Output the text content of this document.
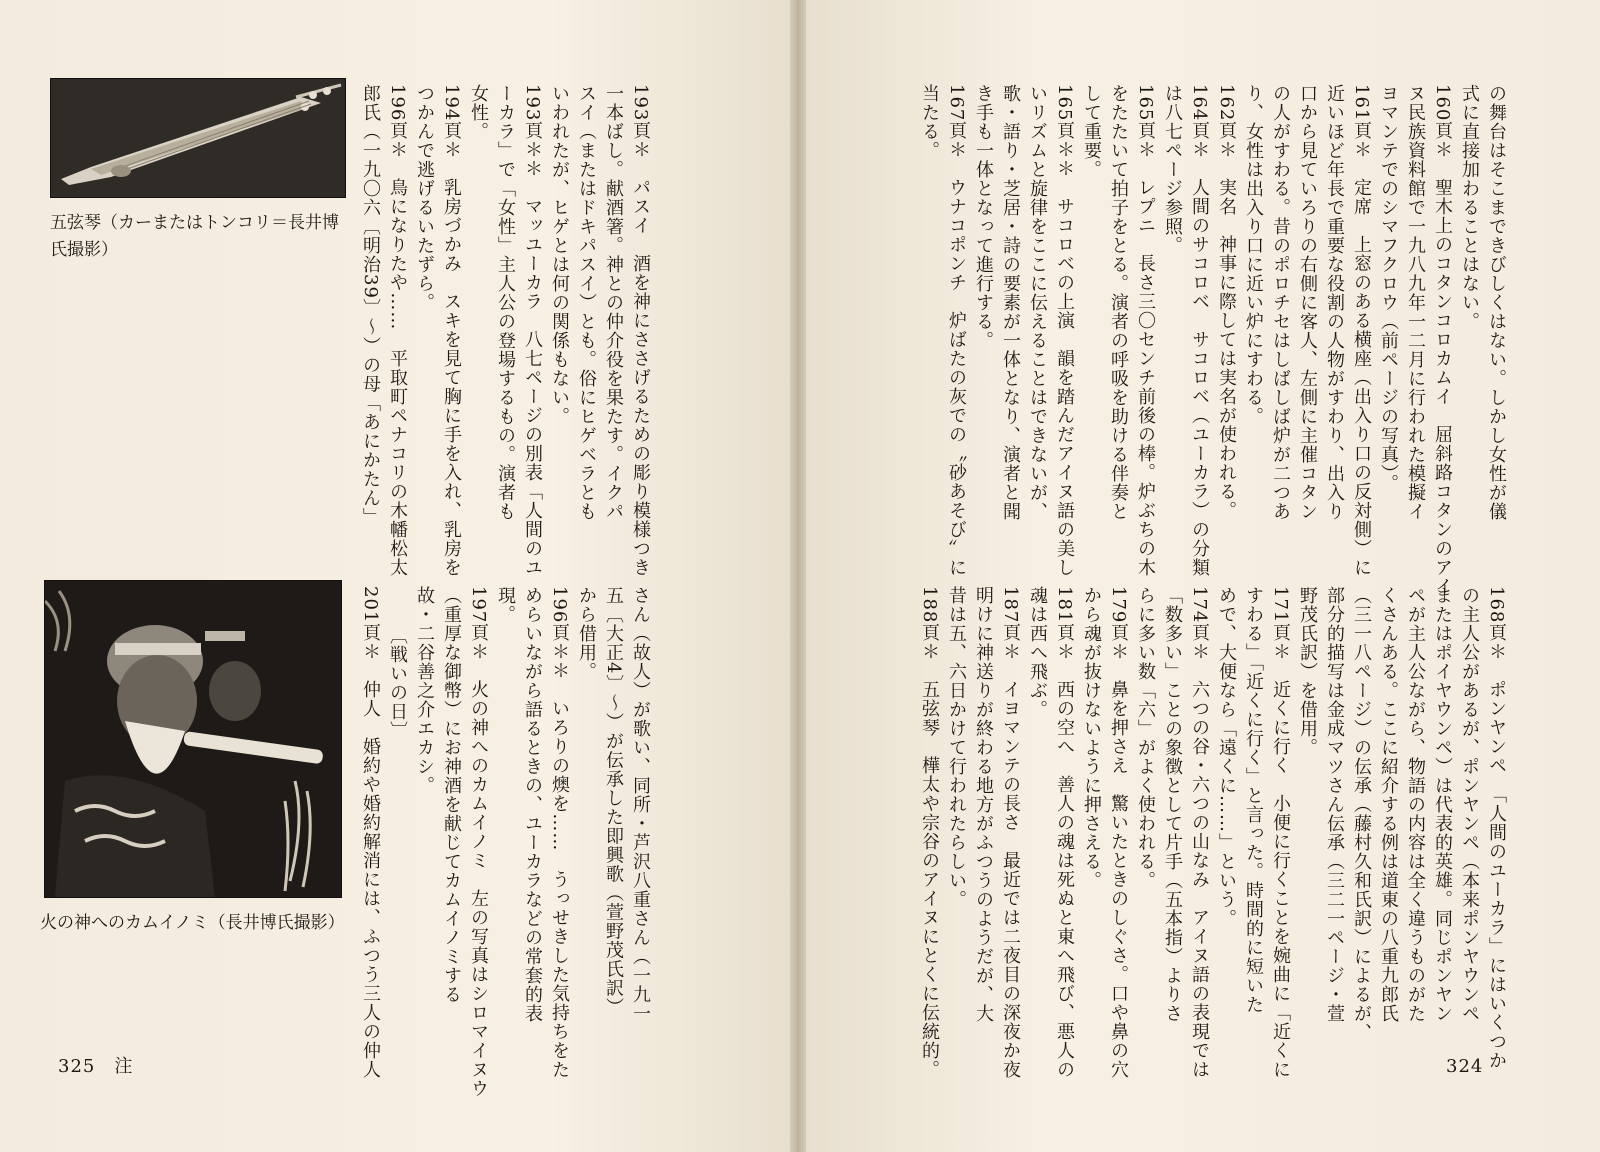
五弦琴（カーまたはトンコリ＝長井博氏撮影）
火の神へのカムイノミ（長井博氏撮影）
193頁＊　パスイ　酒を神にささげるための彫り模様つき
一本ばし。献酒箸。神との仲介役を果たす。イクパ
スイ（またはドキパスイ）とも。俗にヒゲベラとも
いわれたが、ヒゲとは何の関係もない。
193頁＊＊　マッユーカラ　八七ページの別表「人間のユ
ーカラ」で「女性」主人公の登場するもの。演者も
女性。
194頁＊　乳房づかみ　スキを見て胸に手を入れ、乳房を
つかんで逃げるいたずら。
196頁＊　鳥になりたや……　平取町ペナコリの木幡松太
郎氏（一九〇六〔明治39〕～）の母「あにかたん」
さん（故人）が歌い、同所・芦沢八重さん（一九一
五〔大正4〕～）が伝承した即興歌（萱野茂氏訳）
から借用。
196頁＊＊　いろりの燠を……　うっせきした気持ちをた
めらいながら語るときの、ユーカラなどの常套的表
現。
197頁＊　火の神へのカムイノミ　左の写真はシロマイヌウ
（重厚な御幣）にお神酒を献じてカムイノミする
故・二谷善之介エカシ。
〔戦いの日〕
201頁＊　仲人　婚約や婚約解消には、ふつう三人の仲人
325　注
の舞台はそこまできびしくはない。しかし女性が儀
式に直接加わることはない。
160頁＊　聖木上のコタンコロカムイ　屈斜路コタンのアイ
ヌ民族資料館で一九八九年一二月に行われた模擬イ
ヨマンテでのシマフクロウ（前ページの写真）。
161頁＊　定席　上窓のある横座（出入り口の反対側）に
近いほど年長で重要な役割の人物がすわり、出入り
口から見ていろりの右側に客人、左側に主催コタン
の人がすわる。昔のポロチセはしばしば炉が二つあ
り、女性は出入り口に近い炉にすわる。
162頁＊　実名　神事に際しては実名が使われる。
164頁＊　人間のサコロベ　サコロベ（ユーカラ）の分類
は八七ページ参照。
165頁＊　レプニ　長さ三〇センチ前後の棒。炉ぶちの木
をたたいて拍子をとる。演者の呼吸を助ける伴奏と
して重要。
165頁＊＊　サコロベの上演　韻を踏んだアイヌ語の美し
いリズムと旋律をここに伝えることはできないが、
歌・語り・芝居・詩の要素が一体となり、演者と聞
き手も一体となって進行する。
167頁＊　ウナコポンチ　炉ばたの灰での〝砂あそび〟に
当たる。
168頁＊　ポンヤンペ　「人間のユーカラ」にはいくつか
の主人公があるが、ポンヤンペ（本来ポンヤウンペ
またはポイヤウンペ）は代表的英雄。同じポンヤン
ペが主人公ながら、物語の内容は全く違うものがた
くさんある。ここに紹介する例は道東の八重九郎氏
（三一八ページ）の伝承（藤村久和氏訳）によるが、
部分的描写は金成マツさん伝承（三二一ページ・萱
野茂氏訳）を借用。
171頁＊　近くに行く　小便に行くことを婉曲に「近くに
すわる」「近くに行く」と言った。時間的に短いた
めで、大便なら「遠くに……」という。
174頁＊　六つの谷・六つの山なみ　アイヌ語の表現では
「数多い」ことの象徴として片手（五本指）よりさ
らに多い数「六」がよく使われる。
179頁＊　鼻を押さえ　驚いたときのしぐさ。口や鼻の穴
から魂が抜けないように押さえる。
181頁＊　西の空へ　善人の魂は死ぬと東へ飛び、悪人の
魂は西へ飛ぶ。
187頁＊　イヨマンテの長さ　最近では二夜目の深夜か夜
明けに神送りが終わる地方がふつうのようだが、大
昔は五、六日かけて行われたらしい。
188頁＊　五弦琴　樺太や宗谷のアイヌにとくに伝統的。	324
